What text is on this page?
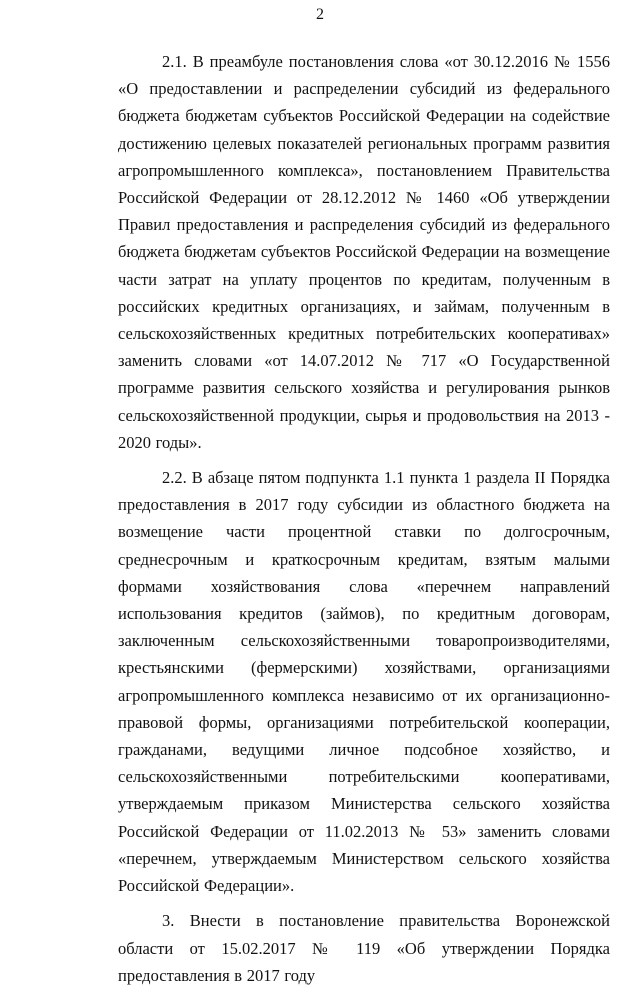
2

2.1. В преамбуле постановления слова «от 30.12.2016 № 1556 «О предоставлении и распределении субсидий из федерального бюджета бюджетам субъектов Российской Федерации на содействие достижению целевых показателей региональных программ развития агропромышленного комплекса», постановлением Правительства Российской Федерации от 28.12.2012 № 1460 «Об утверждении Правил предоставления и распределения субсидий из федерального бюджета бюджетам субъектов Российской Федерации на возмещение части затрат на уплату процентов по кредитам, полученным в российских кредитных организациях, и займам, полученным в сельскохозяйственных кредитных потребительских кооперативах» заменить словами «от 14.07.2012 № 717 «О Государственной программе развития сельского хозяйства и регулирования рынков сельскохозяйственной продукции, сырья и продовольствия на 2013 - 2020 годы».

2.2. В абзаце пятом подпункта 1.1 пункта 1 раздела II Порядка предоставления в 2017 году субсидии из областного бюджета на возмещение части процентной ставки по долгосрочным, среднесрочным и краткосрочным кредитам, взятым малыми формами хозяйствования слова «перечнем направлений использования кредитов (займов), по кредитным договорам, заключенным сельскохозяйственными товаропроизводителями, крестьянскими (фермерскими) хозяйствами, организациями агропромышленного комплекса независимо от их организационно-правовой формы, организациями потребительской кооперации, гражданами, ведущими личное подсобное хозяйство, и сельскохозяйственными потребительскими кооперативами, утверждаемым приказом Министерства сельского хозяйства Российской Федерации от 11.02.2013 № 53» заменить словами «перечнем, утверждаемым Министерством сельского хозяйства Российской Федерации».

3. Внести в постановление правительства Воронежской области от 15.02.2017 № 119 «Об утверждении Порядка предоставления в 2017 году
